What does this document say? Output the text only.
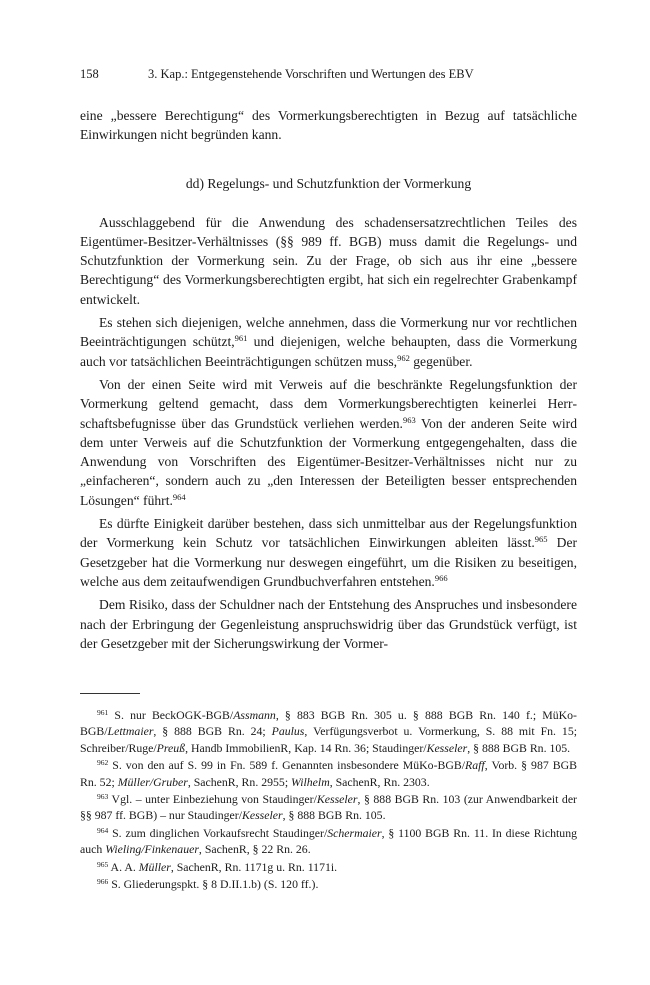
158	3. Kap.: Entgegenstehende Vorschriften und Wertungen des EBV

eine „bessere Berechtigung“ des Vormerkungsberechtigten in Bezug auf tatsächliche Einwirkungen nicht begründen kann.

dd) Regelungs- und Schutzfunktion der Vormerkung

Ausschlaggebend für die Anwendung des schadensersatzrechtlichen Teiles des Eigentümer-Besitzer-Verhältnisses (§§ 989 ff. BGB) muss damit die Regelungs- und Schutzfunktion der Vormerkung sein. Zu der Frage, ob sich aus ihr eine „bessere Berechtigung“ des Vormerkungsberechtigten ergibt, hat sich ein regelrechter Grabenkampf entwickelt.

Es stehen sich diejenigen, welche annehmen, dass die Vormerkung nur vor rechtlichen Beeinträchtigungen schützt,$^{961}$ und diejenigen, welche behaupten, dass die Vormerkung auch vor tatsächlichen Beeinträchtigungen schützen muss,$^{962}$ gegenüber.

Von der einen Seite wird mit Verweis auf die beschränkte Regelungsfunktion der Vormerkung geltend gemacht, dass dem Vormerkungsberechtigten keinerlei Herrschaftsbefugnisse über das Grundstück verliehen werden.$^{963}$ Von der anderen Seite wird dem unter Verweis auf die Schutzfunktion der Vormerkung entgegengehalten, dass die Anwendung von Vorschriften des Eigentümer-Besitzer-Verhältnisses nicht nur zu „einfacheren“, sondern auch zu „den Interessen der Beteiligten besser entsprechenden Lösungen“ führt.$^{964}$

Es dürfte Einigkeit darüber bestehen, dass sich unmittelbar aus der Regelungsfunktion der Vormerkung kein Schutz vor tatsächlichen Einwirkungen ableiten lässt.$^{965}$ Der Gesetzgeber hat die Vormerkung nur deswegen eingeführt, um die Risiken zu beseitigen, welche aus dem zeitaufwendigen Grundbuchverfahren entstehen.$^{966}$

Dem Risiko, dass der Schuldner nach der Entstehung des Anspruches und insbesondere nach der Erbringung der Gegenleistung anspruchswidrig über das Grundstück verfügt, ist der Gesetzgeber mit der Sicherungswirkung der Vormer-

$^{961}$ S. nur BeckOGK-BGB/Assmann, § 883 BGB Rn. 305 u. § 888 BGB Rn. 140 f.; MüKo-BGB/Lettmaier, § 888 BGB Rn. 24; Paulus, Verfügungsverbot u. Vormerkung, S. 88 mit Fn. 15; Schreiber/Ruge/Preuß, Handb ImmobilienR, Kap. 14 Rn. 36; Staudinger/Kesseler, § 888 BGB Rn. 105.
$^{962}$ S. von den auf S. 99 in Fn. 589 f. Genannten insbesondere MüKo-BGB/Raff, Vorb. § 987 BGB Rn. 52; Müller/Gruber, SachenR, Rn. 2955; Wilhelm, SachenR, Rn. 2303.
$^{963}$ Vgl. – unter Einbeziehung von Staudinger/Kesseler, § 888 BGB Rn. 103 (zur Anwendbarkeit der §§ 987 ff. BGB) – nur Staudinger/Kesseler, § 888 BGB Rn. 105.
$^{964}$ S. zum dinglichen Vorkaufsrecht Staudinger/Schermaier, § 1100 BGB Rn. 11. In diese Richtung auch Wieling/Finkenauer, SachenR, § 22 Rn. 26.
$^{965}$ A. A. Müller, SachenR, Rn. 1171g u. Rn. 1171i.
$^{966}$ S. Gliederungspkt. § 8 D.II.1.b) (S. 120 ff.).
